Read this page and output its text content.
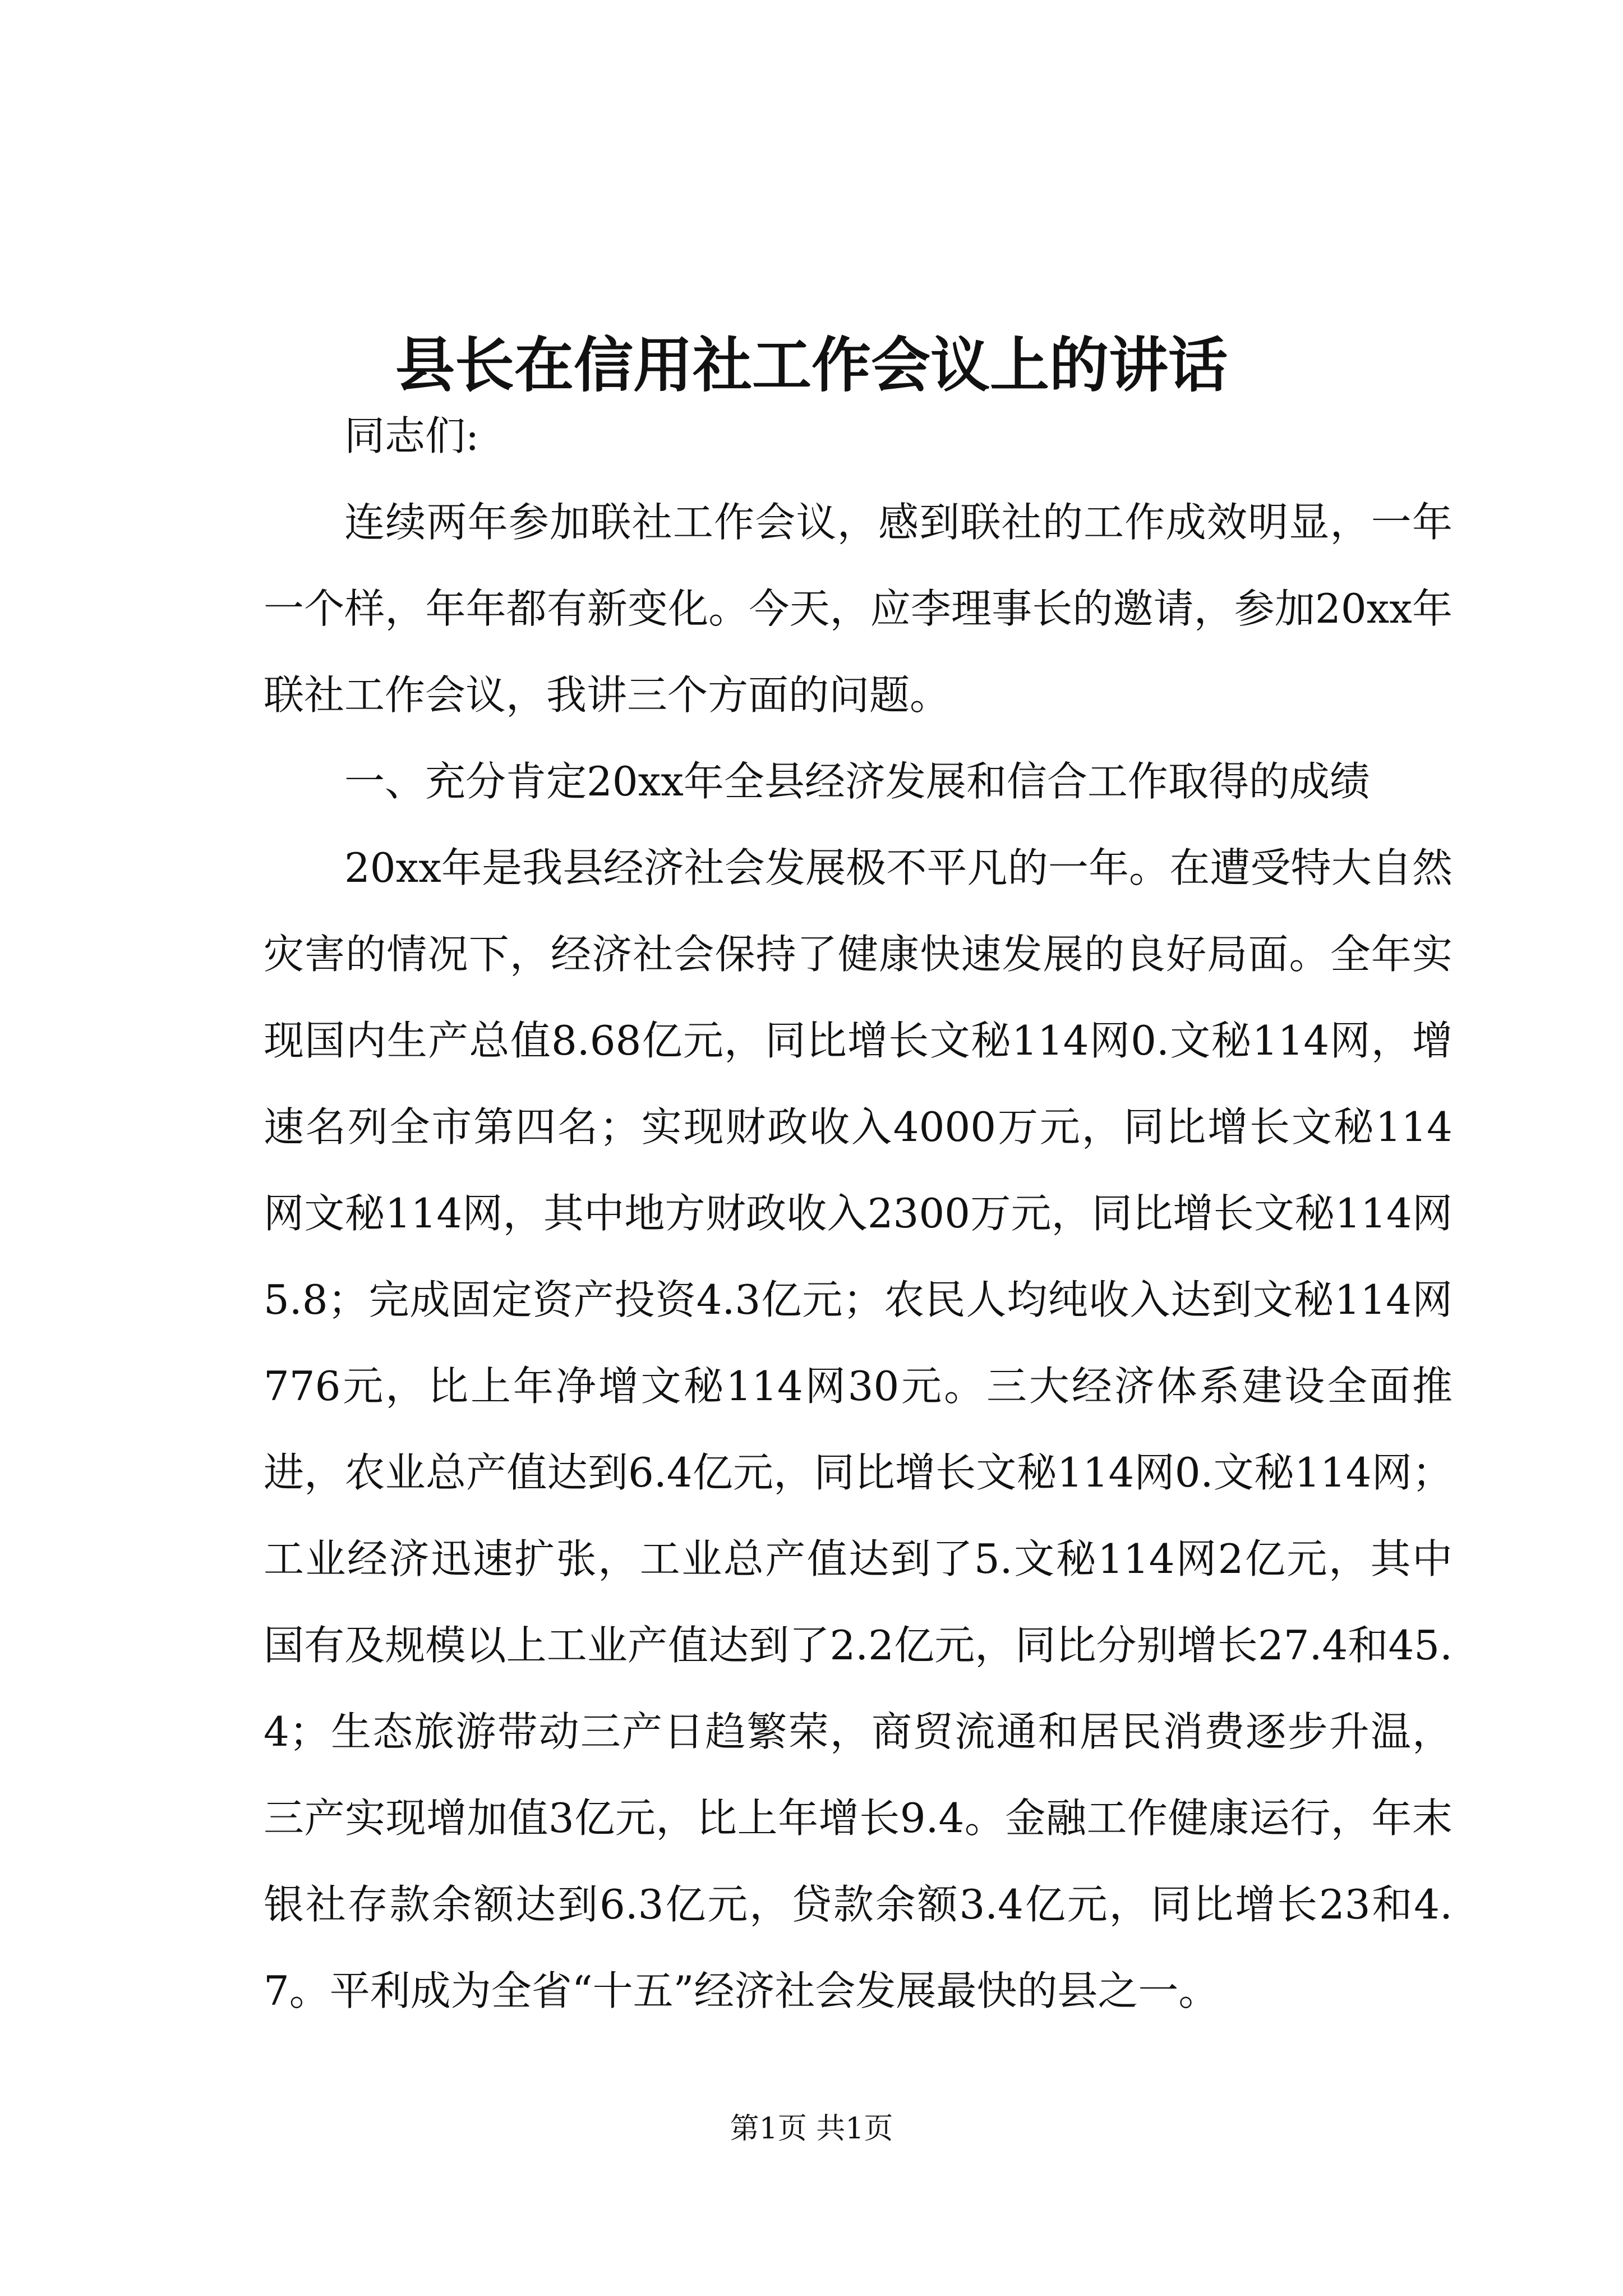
县长在信用社工作会议上的讲话

同志们:

连续两年参加联社工作会议，感到联社的工作成效明显，一年一个样，年年都有新变化。今天，应李理事长的邀请，参加20xx年联社工作会议，我讲三个方面的问题。

一、充分肯定20xx年全县经济发展和信合工作取得的成绩

20xx年是我县经济社会发展极不平凡的一年。在遭受特大自然灾害的情况下，经济社会保持了健康快速发展的良好局面。全年实现国内生产总值8.68亿元，同比增长文秘114网0.文秘114网，增速名列全市第四名；实现财政收入4000万元，同比增长文秘114网文秘114网，其中地方财政收入2300万元，同比增长文秘114网5.8；完成固定资产投资4.3亿元；农民人均纯收入达到文秘114网776元，比上年净增文秘114网30元。三大经济体系建设全面推进，农业总产值达到6.4亿元，同比增长文秘114网0.文秘114网；工业经济迅速扩张，工业总产值达到了5.文秘114网2亿元，其中国有及规模以上工业产值达到了2.2亿元，同比分别增长27.4和45.4；生态旅游带动三产日趋繁荣，商贸流通和居民消费逐步升温，三产实现增加值3亿元，比上年增长9.4。金融工作健康运行，年末银社存款余额达到6.3亿元，贷款余额3.4亿元，同比增长23和4.7。平利成为全省“十五”经济社会发展最快的县之一。

第1页 共1页
